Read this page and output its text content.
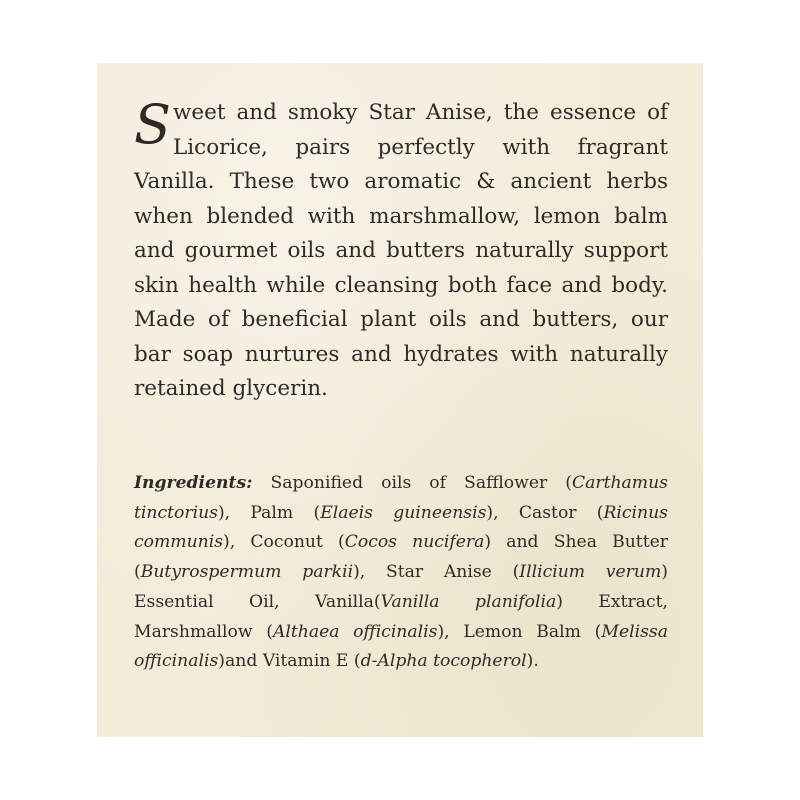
Sweet and smoky Star Anise, the essence of Licorice, pairs perfectly with fragrant Vanilla. These two aromatic & ancient herbs when blended with marshmallow, lemon balm and gourmet oils and butters naturally support skin health while cleansing both face and body. Made of beneficial plant oils and butters, our bar soap nurtures and hydrates with naturally retained glycerin.

Ingredients: Saponified oils of Safflower (Carthamus tinctorius), Palm (Elaeis guineensis), Castor (Ricinus communis), Coconut (Cocos nucifera) and Shea Butter (Butyrospermum parkii), Star Anise (Illicium verum) Essential Oil, Vanilla(Vanilla planifolia) Extract, Marshmallow (Althaea officinalis), Lemon Balm (Melissa officinalis)and Vitamin E (d-Alpha tocopherol).
